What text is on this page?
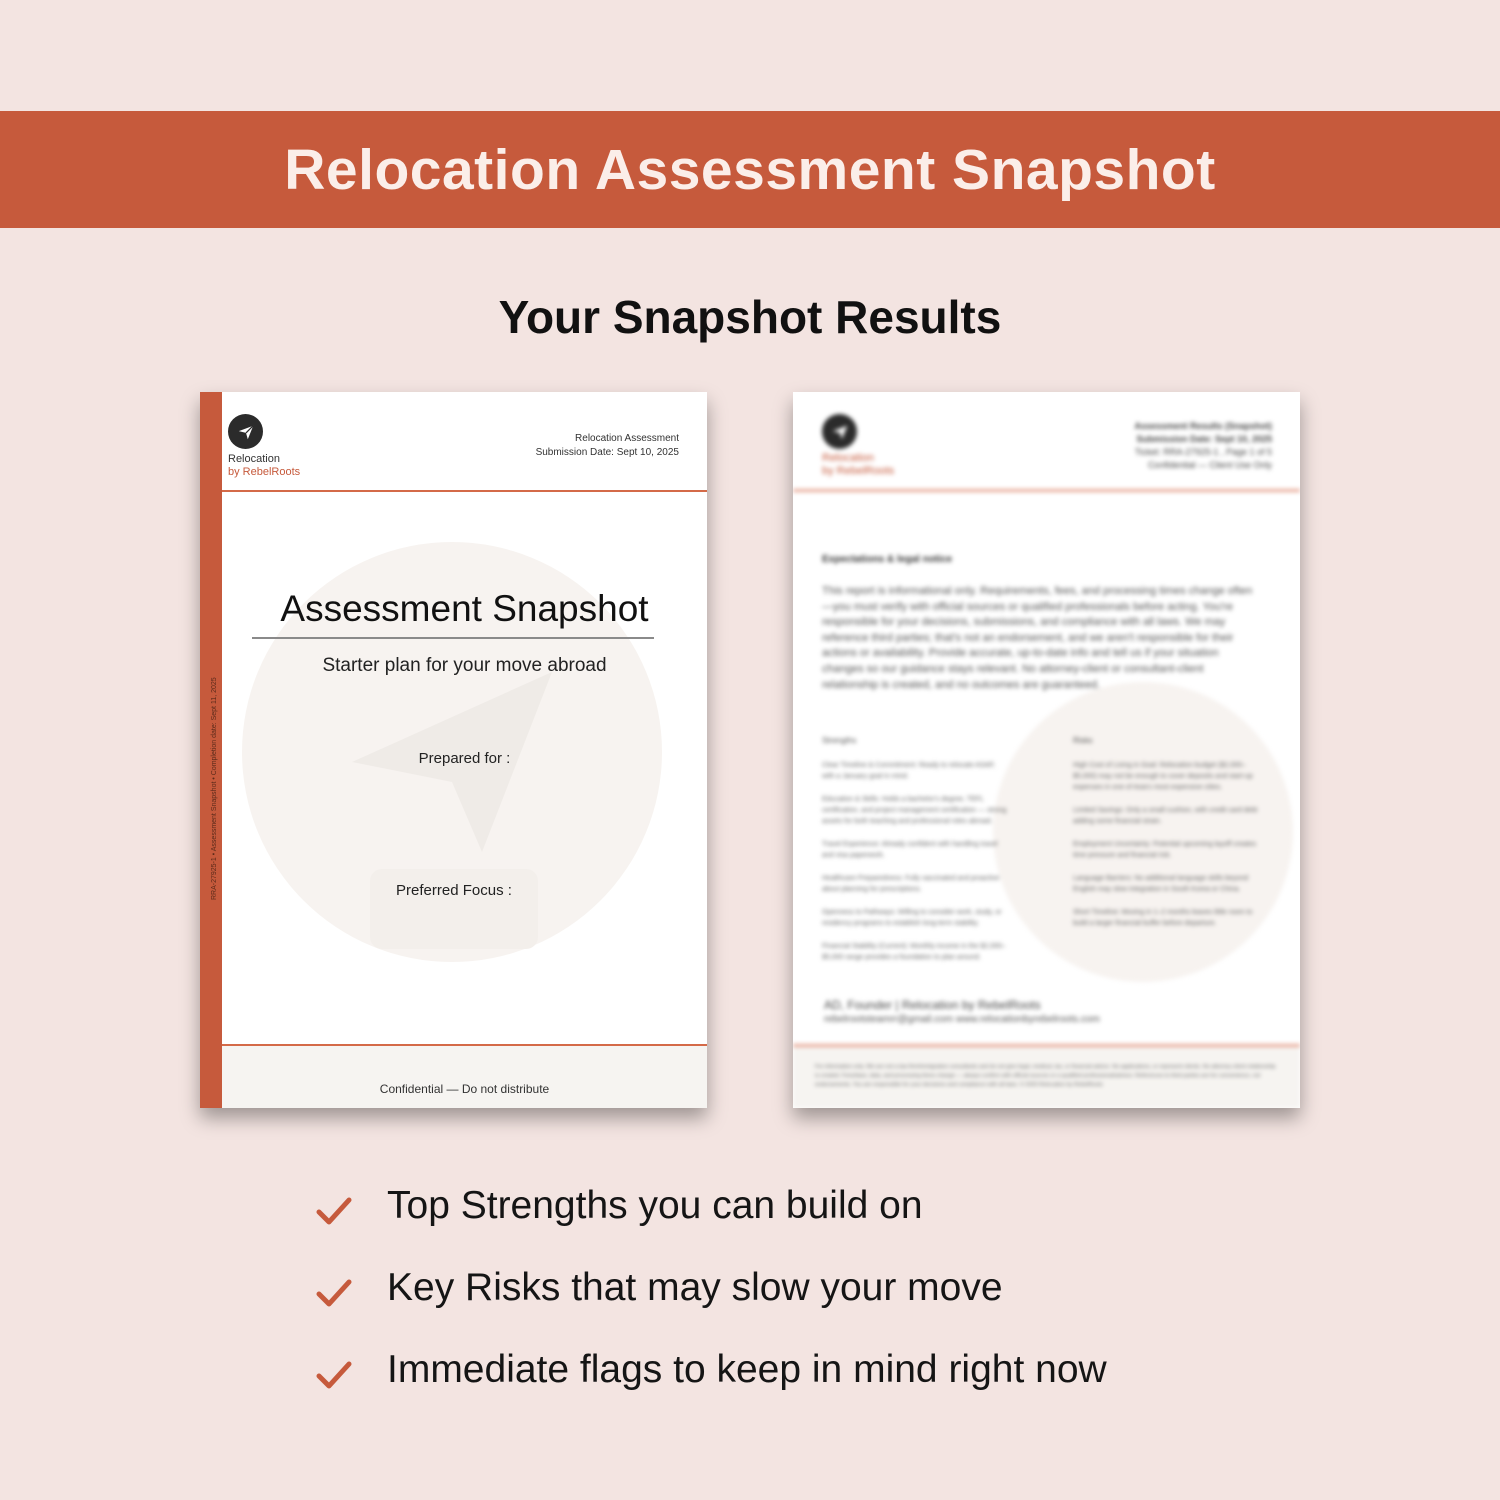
Relocation Assessment Snapshot
Your Snapshot Results
RRA-27925-1 • Assessment Snapshot • Completion date: Sept 11, 2025
Relocation
by RebelRoots
Relocation Assessment
Submission Date: Sept 10, 2025
Assessment Snapshot
Starter plan for your move abroad
Prepared for :
Preferred Focus :
Confidential — Do not distribute
Relocation
by RebelRoots
Assessment Results (Snapshot)
Submission Date: Sept 10, 2025
Ticket: RRA-27925-1 , Page 1 of 5
Confidential — Client Use Only
Expectations & legal notice
This report is informational only. Requirements, fees, and processing times change often—you must verify with official sources or qualified professionals before acting. You're responsible for your decisions, submissions, and compliance with all laws. We may reference third parties; that's not an endorsement, and we aren't responsible for their actions or availability. Provide accurate, up-to-date info and tell us if your situation changes so our guidance stays relevant. No attorney-client or consultant-client relationship is created, and no outcomes are guaranteed.
Strengths

Clear Timeline & Commitment: Ready to relocate ASAP, with a January goal in mind.

Education & Skills: Holds a bachelor's degree, TEFL certification, and project management certification — strong assets for both teaching and professional roles abroad.

Travel Experience: Already confident with handling travel and visa paperwork.

Healthcare Preparedness: Fully vaccinated and proactive about planning for prescriptions.

Openness to Pathways: Willing to consider work, study, or residency programs to establish long-term stability.

Financial Stability (Current): Monthly income in the $2,000–$5,000 range provides a foundation to plan around.

Risks

High Cost of Living in Goal: Relocation budget ($2,000–$5,000) may not be enough to cover deposits and start-up expenses in one of Asia's most expensive cities.

Limited Savings: Only a small cushion, with credit card debt adding some financial strain.

Employment Uncertainty: Potential upcoming layoff creates time pressure and financial risk.

Language Barriers: No additional language skills beyond English may slow integration in South Korea or China.

Short Timeline: Moving in 1–2 months leaves little room to build a larger financial buffer before departure.

AD, Founder | Relocation by RebelRoots
rebelrootsteamrr@gmail.com www.relocationbyrebelroots.com
For information only. We are not a law firm/immigration consultants and do not give legal, medical, tax, or financial advice. No applications, or represent clients. No attorney-client relationship is created. Fees/laws, data, and processing times change — always confirm with official sources or a qualified professional/advisor. References to third parties are for convenience, not endorsements. You are responsible for your decisions and compliance with all laws. © 2025 Relocation by RebelRoots
Top Strengths you can build on
Key Risks that may slow your move
Immediate flags to keep in mind right now
